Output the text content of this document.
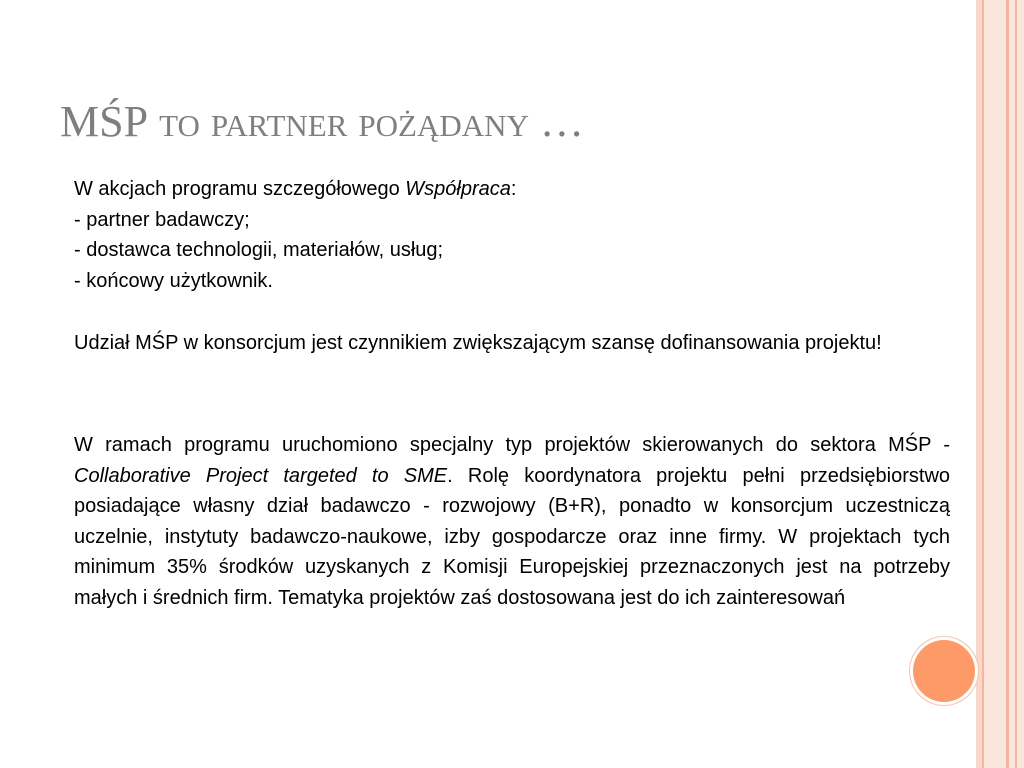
MŚP to partner pożądany …
W akcjach programu szczegółowego Współpraca:
- partner badawczy;
- dostawca technologii, materiałów, usług;
- końcowy użytkownik.
Udział MŚP w konsorcjum jest czynnikiem zwiększającym szansę dofinansowania projektu!
W ramach programu uruchomiono specjalny typ projektów skierowanych do sektora MŚP - Collaborative Project targeted to SME. Rolę koordynatora projektu pełni przedsiębiorstwo posiadające własny dział badawczo - rozwojowy (B+R), ponadto w konsorcjum uczestniczą uczelnie, instytuty badawczo-naukowe, izby gospodarcze oraz inne firmy. W projektach tych minimum 35% środków uzyskanych z Komisji Europejskiej przeznaczonych jest na potrzeby małych i średnich firm. Tematyka projektów zaś dostosowana jest do ich zainteresowań
